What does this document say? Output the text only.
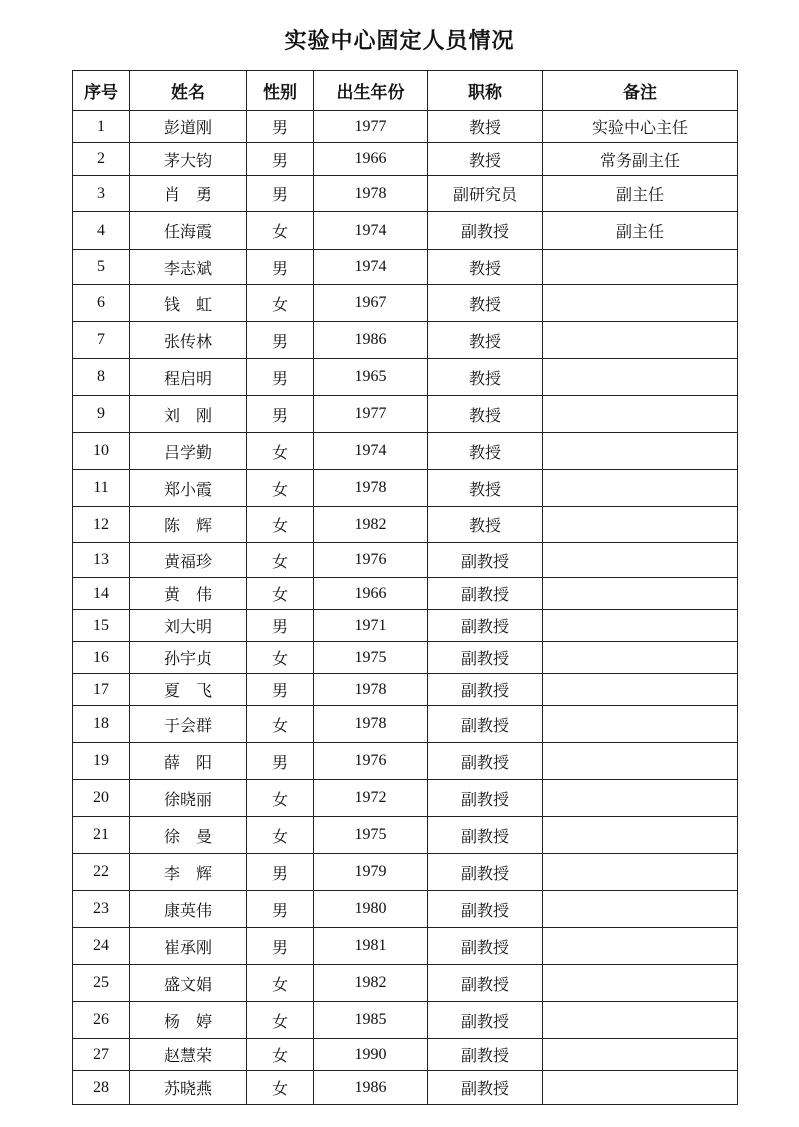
实验中心固定人员情况
序号	姓名	性别	出生年份	职称	备注
1	彭道刚	男	1977	教授	实验中心主任
2	茅大钧	男	1966	教授	常务副主任
3	肖　勇	男	1978	副研究员	副主任
4	任海霞	女	1974	副教授	副主任
5	李志斌	男	1974	教授	
6	钱　虹	女	1967	教授	
7	张传林	男	1986	教授	
8	程启明	男	1965	教授	
9	刘　刚	男	1977	教授	
10	吕学勤	女	1974	教授	
11	郑小霞	女	1978	教授	
12	陈　辉	女	1982	教授	
13	黄福珍	女	1976	副教授	
14	黄　伟	女	1966	副教授	
15	刘大明	男	1971	副教授	
16	孙宇贞	女	1975	副教授	
17	夏　飞	男	1978	副教授	
18	于会群	女	1978	副教授	
19	薛　阳	男	1976	副教授	
20	徐晓丽	女	1972	副教授	
21	徐　曼	女	1975	副教授	
22	李　辉	男	1979	副教授	
23	康英伟	男	1980	副教授	
24	崔承刚	男	1981	副教授	
25	盛文娟	女	1982	副教授	
26	杨　婷	女	1985	副教授	
27	赵慧荣	女	1990	副教授	
28	苏晓燕	女	1986	副教授	
